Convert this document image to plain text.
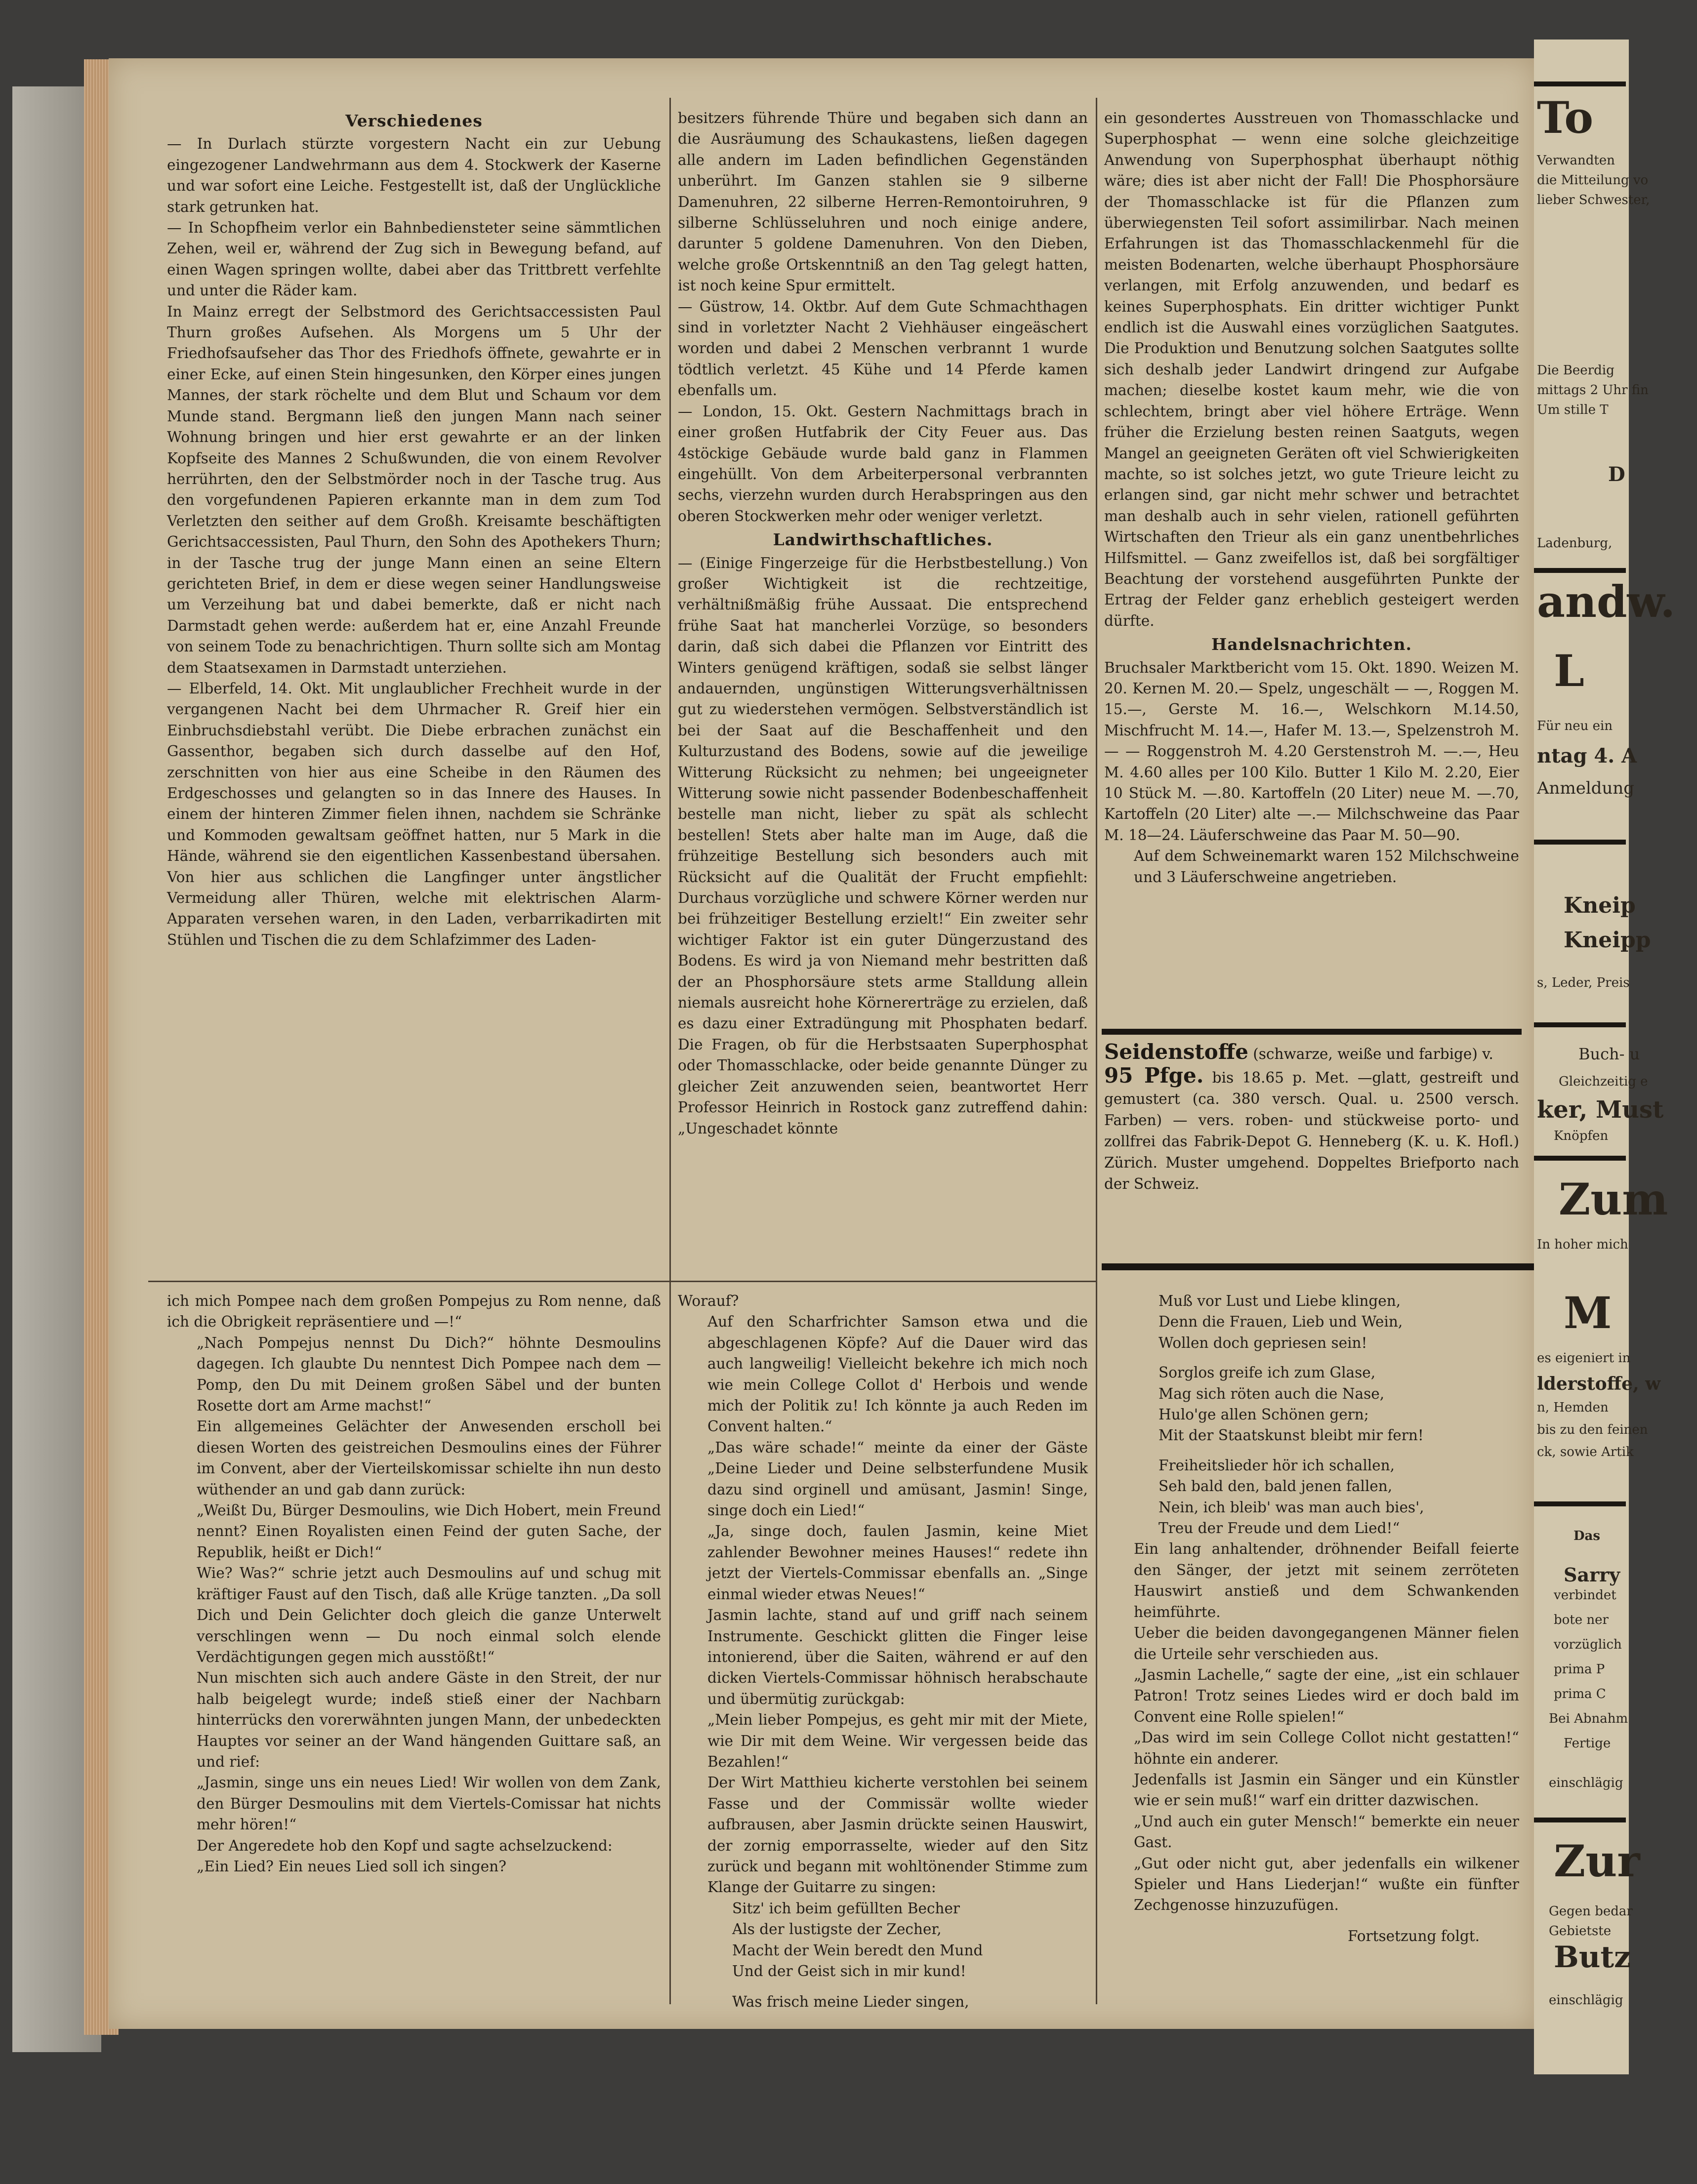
Verschiedenes

— In Durlach stürzte vorgestern Nacht ein zur Uebung eingezogener Landwehrmann aus dem 4. Stockwerk der Kaserne und war sofort eine Leiche. Festgestellt ist, daß der Unglückliche stark getrunken hat.

— In Schopfheim verlor ein Bahnbediensteter seine sämmtlichen Zehen, weil er, während der Zug sich in Bewegung befand, auf einen Wagen springen wollte, dabei aber das Trittbrett verfehlte und unter die Räder kam.

In Mainz erregt der Selbstmord des Gerichtsaccessisten Paul Thurn großes Aufsehen. Als Morgens um 5 Uhr der Friedhofsaufseher das Thor des Friedhofs öffnete, gewahrte er in einer Ecke, auf einen Stein hingesunken, den Körper eines jungen Mannes, der stark röchelte und dem Blut und Schaum vor dem Munde stand. Bergmann ließ den jungen Mann nach seiner Wohnung bringen und hier erst gewahrte er an der linken Kopfseite des Mannes 2 Schußwunden, die von einem Revolver herrührten, den der Selbstmörder noch in der Tasche trug. Aus den vorgefundenen Papieren erkannte man in dem zum Tod Verletzten den seither auf dem Großh. Kreisamte beschäftigten Gerichtsaccessisten, Paul Thurn, den Sohn des Apothekers Thurn; in der Tasche trug der junge Mann einen an seine Eltern gerichteten Brief, in dem er diese wegen seiner Handlungsweise um Verzeihung bat und dabei bemerkte, daß er nicht nach Darmstadt gehen werde: außerdem hat er, eine Anzahl Freunde von seinem Tode zu benachrichtigen. Thurn sollte sich am Montag dem Staatsexamen in Darmstadt unterziehen.

— Elberfeld, 14. Okt. Mit unglaublicher Frechheit wurde in der vergangenen Nacht bei dem Uhrmacher R. Greif hier ein Einbruchsdiebstahl verübt. Die Diebe erbrachen zunächst ein Gassenthor, begaben sich durch dasselbe auf den Hof, zerschnitten von hier aus eine Scheibe in den Räumen des Erdgeschosses und gelangten so in das Innere des Hauses. In einem der hinteren Zimmer fielen ihnen, nachdem sie Schränke und Kommoden gewaltsam geöffnet hatten, nur 5 Mark in die Hände, während sie den eigentlichen Kassenbestand übersahen. Von hier aus schlichen die Langfinger unter ängstlicher Vermeidung aller Thüren, welche mit elektrischen Alarm-Apparaten versehen waren, in den Laden, verbarrikadirten mit Stühlen und Tischen die zu dem Schlafzimmer des Laden-

besitzers führende Thüre und begaben sich dann an die Ausräumung des Schaukastens, ließen dagegen alle andern im Laden befindlichen Gegenständen unberührt. Im Ganzen stahlen sie 9 silberne Damenuhren, 22 silberne Herren-Remontoiruhren, 9 silberne Schlüsseluhren und noch einige andere, darunter 5 goldene Damenuhren. Von den Dieben, welche große Ortskenntniß an den Tag gelegt hatten, ist noch keine Spur ermittelt.

— Güstrow, 14. Oktbr. Auf dem Gute Schmachthagen sind in vorletzter Nacht 2 Viehhäuser eingeäschert worden und dabei 2 Menschen verbrannt 1 wurde tödtlich verletzt. 45 Kühe und 14 Pferde kamen ebenfalls um.

— London, 15. Okt. Gestern Nachmittags brach in einer großen Hutfabrik der City Feuer aus. Das 4stöckige Gebäude wurde bald ganz in Flammen eingehüllt. Von dem Arbeiterpersonal verbrannten sechs, vierzehn wurden durch Herabspringen aus den oberen Stockwerken mehr oder weniger verletzt.

Landwirthschaftliches.

— (Einige Fingerzeige für die Herbstbestellung.) Von großer Wichtigkeit ist die rechtzeitige, verhältnißmäßig frühe Aussaat. Die entsprechend frühe Saat hat mancherlei Vorzüge, so besonders darin, daß sich dabei die Pflanzen vor Eintritt des Winters genügend kräftigen, sodaß sie selbst länger andauernden, ungünstigen Witterungsverhältnissen gut zu wiederstehen vermögen. Selbstverständlich ist bei der Saat auf die Beschaffenheit und den Kulturzustand des Bodens, sowie auf die jeweilige Witterung Rücksicht zu nehmen; bei ungeeigneter Witterung sowie nicht passender Bodenbeschaffenheit bestelle man nicht, lieber zu spät als schlecht bestellen! Stets aber halte man im Auge, daß die frühzeitige Bestellung sich besonders auch mit Rücksicht auf die Qualität der Frucht empfiehlt: Durchaus vorzügliche und schwere Körner werden nur bei frühzeitiger Bestellung erzielt!“ Ein zweiter sehr wichtiger Faktor ist ein guter Düngerzustand des Bodens. Es wird ja von Niemand mehr bestritten daß der an Phosphorsäure stets arme Stalldung allein niemals ausreicht hohe Körnererträge zu erzielen, daß es dazu einer Extradüngung mit Phosphaten bedarf. Die Fragen, ob für die Herbstsaaten Superphosphat oder Thomasschlacke, oder beide genannte Dünger zu gleicher Zeit anzuwenden seien, beantwortet Herr Professor Heinrich in Rostock ganz zutreffend dahin: „Ungeschadet könnte

ein gesondertes Ausstreuen von Thomasschlacke und Superphosphat — wenn eine solche gleichzeitige Anwendung von Superphosphat überhaupt nöthig wäre; dies ist aber nicht der Fall! Die Phosphorsäure der Thomasschlacke ist für die Pflanzen zum überwiegensten Teil sofort assimilirbar. Nach meinen Erfahrungen ist das Thomasschlackenmehl für die meisten Bodenarten, welche überhaupt Phosphorsäure verlangen, mit Erfolg anzuwenden, und bedarf es keines Superphosphats. Ein dritter wichtiger Punkt endlich ist die Auswahl eines vorzüglichen Saatgutes. Die Produktion und Benutzung solchen Saatgutes sollte sich deshalb jeder Landwirt dringend zur Aufgabe machen; dieselbe kostet kaum mehr, wie die von schlechtem, bringt aber viel höhere Erträge. Wenn früher die Erzielung besten reinen Saatguts, wegen Mangel an geeigneten Geräten oft viel Schwierigkeiten machte, so ist solches jetzt, wo gute Trieure leicht zu erlangen sind, gar nicht mehr schwer und betrachtet man deshalb auch in sehr vielen, rationell geführten Wirtschaften den Trieur als ein ganz unentbehrliches Hilfsmittel. — Ganz zweifellos ist, daß bei sorgfältiger Beachtung der vorstehend ausgeführten Punkte der Ertrag der Felder ganz erheblich gesteigert werden dürfte.

Handelsnachrichten.

Bruchsaler Marktbericht vom 15. Okt. 1890. Weizen M. 20. Kernen M. 20.— Spelz, ungeschält — —, Roggen M. 15.—, Gerste M. 16.—, Welschkorn M.14.50, Mischfrucht M. 14.—, Hafer M. 13.—, Spelzenstroh M.— — Roggenstroh M. 4.20 Gerstenstroh M. —.—, Heu M. 4.60 alles per 100 Kilo. Butter 1 Kilo M. 2.20, Eier 10 Stück M. —.80. Kartoffeln (20 Liter) neue M. —.70, Kartoffeln (20 Liter) alte —.— Milchschweine das Paar M. 18—24. Läuferschweine das Paar M. 50—90.

Auf dem Schweinemarkt waren 152 Milchschweine und 3 Läuferschweine angetrieben.

Seidenstoffe (schwarze, weiße und farbige) v.
95 Pfge. bis 18.65 p. Met. —glatt, gestreift und gemustert (ca. 380 versch. Qual. u. 2500 versch. Farben) — vers. roben- und stückweise porto- und zollfrei das Fabrik-Depot G. Henneberg (K. u. K. Hofl.) Zürich. Muster umgehend. Doppeltes Briefporto nach der Schweiz.

ich mich Pompee nach dem großen Pompejus zu Rom nenne, daß ich die Obrigkeit repräsentiere und —!“

„Nach Pompejus nennst Du Dich?“ höhnte Desmoulins dagegen. Ich glaubte Du nenntest Dich Pompee nach dem — Pomp, den Du mit Deinem großen Säbel und der bunten Rosette dort am Arme machst!“

Ein allgemeines Gelächter der Anwesenden erscholl bei diesen Worten des geistreichen Desmoulins eines der Führer im Convent, aber der Vierteilskomissar schielte ihn nun desto wüthender an und gab dann zurück:

„Weißt Du, Bürger Desmoulins, wie Dich Hobert, mein Freund nennt? Einen Royalisten einen Feind der guten Sache, der Republik, heißt er Dich!“

Wie? Was?“ schrie jetzt auch Desmoulins auf und schug mit kräftiger Faust auf den Tisch, daß alle Krüge tanzten. „Da soll Dich und Dein Gelichter doch gleich die ganze Unterwelt verschlingen wenn — Du noch einmal solch elende Verdächtigungen gegen mich ausstößt!“

Nun mischten sich auch andere Gäste in den Streit, der nur halb beigelegt wurde; indeß stieß einer der Nachbarn hinterrücks den vorerwähnten jungen Mann, der unbedeckten Hauptes vor seiner an der Wand hängenden Guittare saß, an und rief:

„Jasmin, singe uns ein neues Lied! Wir wollen von dem Zank, den Bürger Desmoulins mit dem Viertels-Comissar hat nichts mehr hören!“

Der Angeredete hob den Kopf und sagte achselzuckend:

„Ein Lied? Ein neues Lied soll ich singen?

Worauf?

Auf den Scharfrichter Samson etwa und die abgeschlagenen Köpfe? Auf die Dauer wird das auch langweilig! Vielleicht bekehre ich mich noch wie mein College Collot d' Herbois und wende mich der Politik zu! Ich könnte ja auch Reden im Convent halten.“

„Das wäre schade!“ meinte da einer der Gäste „Deine Lieder und Deine selbsterfundene Musik dazu sind orginell und amüsant, Jasmin! Singe, singe doch ein Lied!“

„Ja, singe doch, faulen Jasmin, keine Miet zahlender Bewohner meines Hauses!“ redete ihn jetzt der Viertels-Commissar ebenfalls an. „Singe einmal wieder etwas Neues!“

Jasmin lachte, stand auf und griff nach seinem Instrumente. Geschickt glitten die Finger leise intonierend, über die Saiten, während er auf den dicken Viertels-Commissar höhnisch herabschaute und übermütig zurückgab:

„Mein lieber Pompejus, es geht mir mit der Miete, wie Dir mit dem Weine. Wir vergessen beide das Bezahlen!“

Der Wirt Matthieu kicherte verstohlen bei seinem Fasse und der Commissär wollte wieder aufbrausen, aber Jasmin drückte seinen Hauswirt, der zornig emporrasselte, wieder auf den Sitz zurück und begann mit wohltönender Stimme zum Klange der Guitarre zu singen:

Sitz' ich beim gefüllten Becher
Als der lustigste der Zecher,
Macht der Wein beredt den Mund
Und der Geist sich in mir kund!

Was frisch meine Lieder singen,

Muß vor Lust und Liebe klingen,
Denn die Frauen, Lieb und Wein,
Wollen doch gepriesen sein!

Sorglos greife ich zum Glase,
Mag sich röten auch die Nase,
Hulo'ge allen Schönen gern;
Mit der Staatskunst bleibt mir fern!

Freiheitslieder hör ich schallen,
Seh bald den, bald jenen fallen,
Nein, ich bleib' was man auch bies',
Treu der Freude und dem Lied!“

Ein lang anhaltender, dröhnender Beifall feierte den Sänger, der jetzt mit seinem zerröteten Hauswirt anstieß und dem Schwankenden heimführte.

Ueber die beiden davongegangenen Männer fielen die Urteile sehr verschieden aus.

„Jasmin Lachelle,“ sagte der eine, „ist ein schlauer Patron! Trotz seines Liedes wird er doch bald im Convent eine Rolle spielen!“

„Das wird im sein College Collot nicht gestatten!“ höhnte ein anderer.

Jedenfalls ist Jasmin ein Sänger und ein Künstler wie er sein muß!“ warf ein dritter dazwischen.

„Und auch ein guter Mensch!“ bemerkte ein neuer Gast.

„Gut oder nicht gut, aber jedenfalls ein wilkener Spieler und Hans Liederjan!“ wußte ein fünfter Zechgenosse hinzuzufügen.

Fortsetzung folgt.

To
Verwandten
die Mitteilung vo
lieber Schwester,
Die Beerdig
mittags 2 Uhr fin
Um stille T
D
Ladenburg,
andw.
L
Für neu ein
ntag 4. A
Anmeldung
Kneip
Kneipp
s, Leder, Preis
Buch- u
Gleichzeitig e
ker, Must
Knöpfen
Zum
In hoher mich
M
es eigeniert in
lderstoffe, w
n, Hemden
bis zu den feinen
ck, sowie Artik
Das
Sarry
verbindet
bote ner
vorzüglich
prima P
prima C
Bei Abnahm
Fertige
einschlägig
Zur
Gegen bedar
Gebietste
Butz
einschlägig
